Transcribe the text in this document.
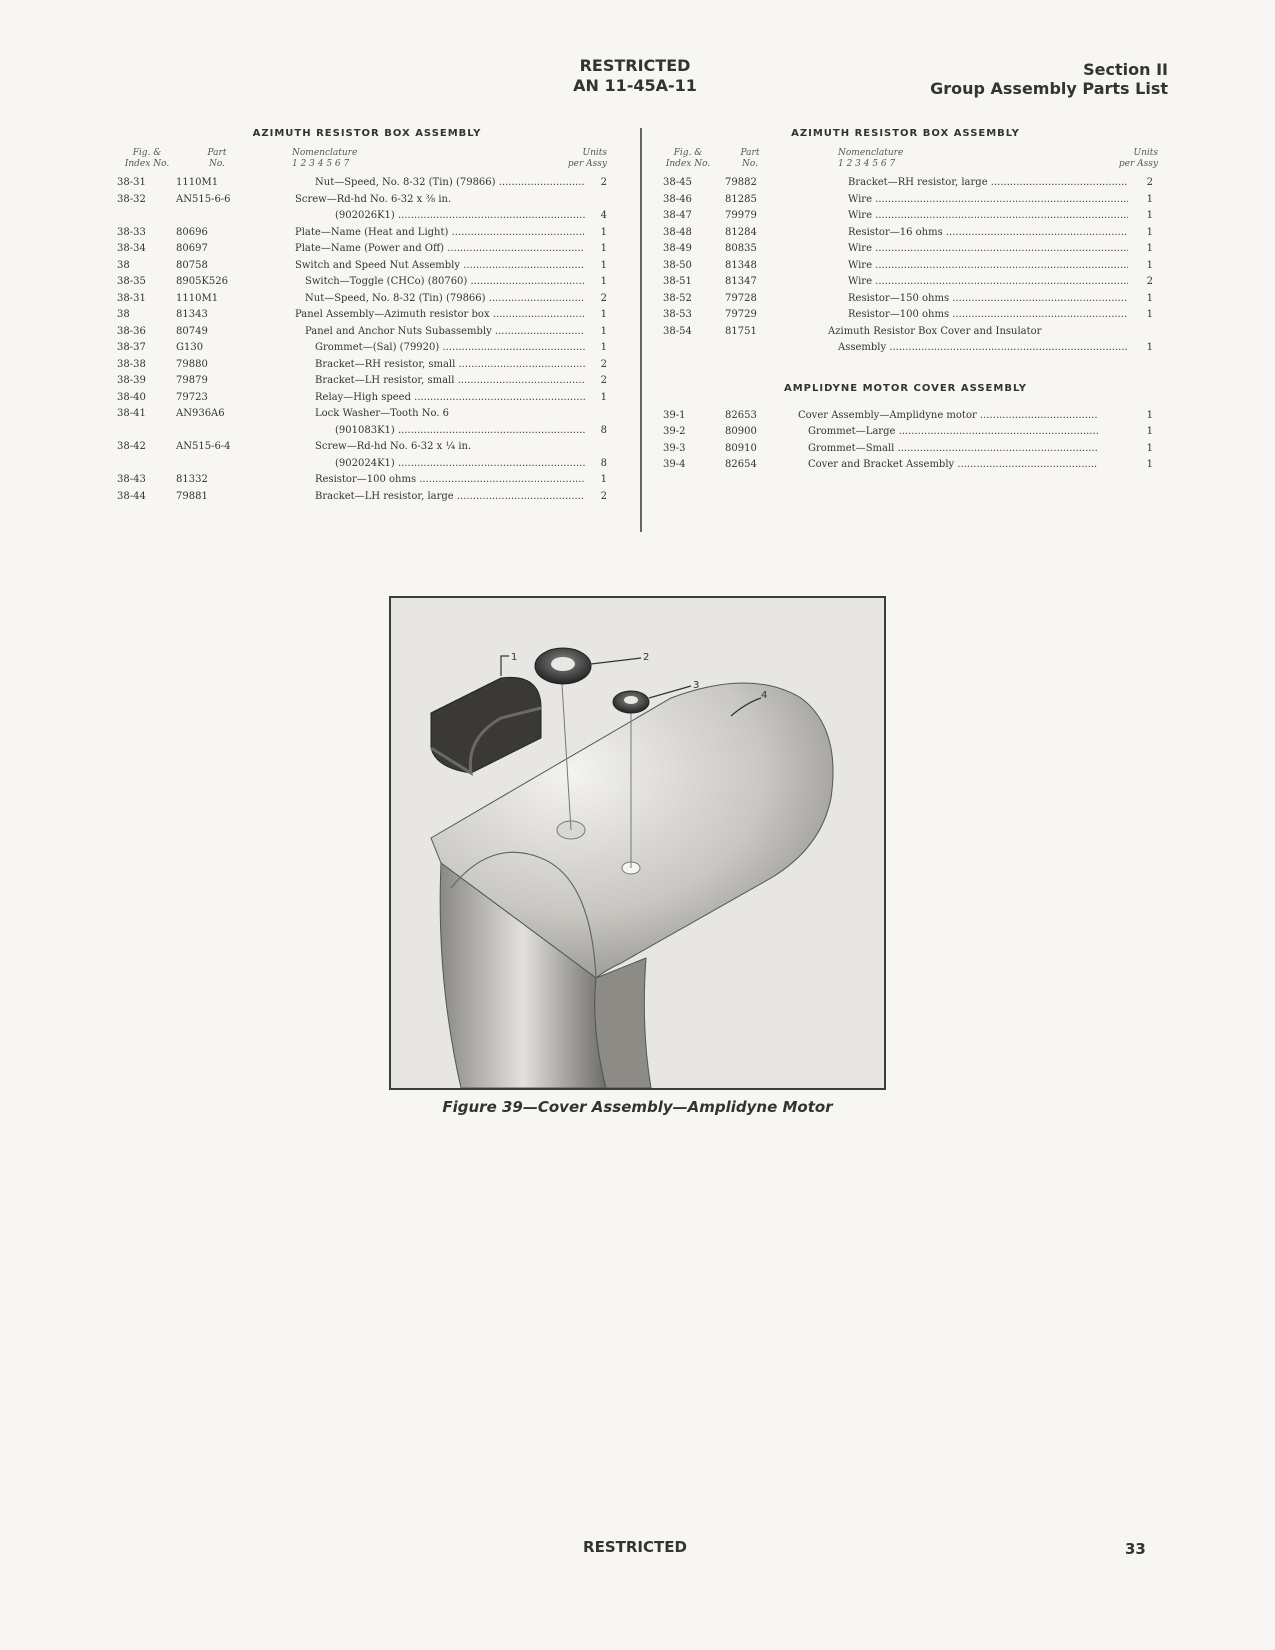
RESTRICTED
AN 11-45A-11
Section II
Group Assembly Parts List
AZIMUTH RESISTOR BOX ASSEMBLY
Fig. &
Index No.
Part
No.
Nomenclature
1 2 3 4 5 6 7
Units
per Assy
38-31	1110M1	Nut—Speed, No. 8-32 (Tin) (79866) .....	2
38-32	AN515-6-6	Screw—Rd-hd No. 6-32 x ⅜ in.
(902026K1) .....	4
38-33	80696	Plate—Name (Heat and Light) .....	1
38-34	80697	Plate—Name (Power and Off) .....	1
38	80758	Switch and Speed Nut Assembly .....	1
38-35	8905K526	Switch—Toggle (CHCo) (80760) .....	1
38-31	1110M1	Nut—Speed, No. 8-32 (Tin) (79866) .....	2
38	81343	Panel Assembly—Azimuth resistor box .....	1
38-36	80749	Panel and Anchor Nuts Subassembly .....	1
38-37	G130	Grommet—(Sal) (79920) .....	1
38-38	79880	Bracket—RH resistor, small .....	2
38-39	79879	Bracket—LH resistor, small .....	2
38-40	79723	Relay—High speed .....	1
38-41	AN936A6	Lock Washer—Tooth No. 6
(901083K1) .....	8
38-42	AN515-6-4	Screw—Rd-hd No. 6-32 x ¼ in.
(902024K1) .....	8
38-43	81332	Resistor—100 ohms .....	1
38-44	79881	Bracket—LH resistor, large .....	2
AZIMUTH RESISTOR BOX ASSEMBLY
Fig. &
Index No.
Part
No.
Nomenclature
1 2 3 4 5 6 7
Units
per Assy
38-45	79882	Bracket—RH resistor, large .....	2
38-46	81285	Wire .....	1
38-47	79979	Wire .....	1
38-48	81284	Resistor—16 ohms .....	1
38-49	80835	Wire .....	1
38-50	81348	Wire .....	1
38-51	81347	Wire .....	2
38-52	79728	Resistor—150 ohms .....	1
38-53	79729	Resistor—100 ohms .....	1
38-54	81751	Azimuth Resistor Box Cover and Insulator
Assembly .....	1
AMPLIDYNE MOTOR COVER ASSEMBLY
39-1	82653	Cover Assembly—Amplidyne motor .....	1
39-2	80900	Grommet—Large .....	1
39-3	80910	Grommet—Small .....	1
39-4	82654	Cover and Bracket Assembly .....	1
1	2
3
4
Figure 39—Cover Assembly—Amplidyne Motor
RESTRICTED	33
